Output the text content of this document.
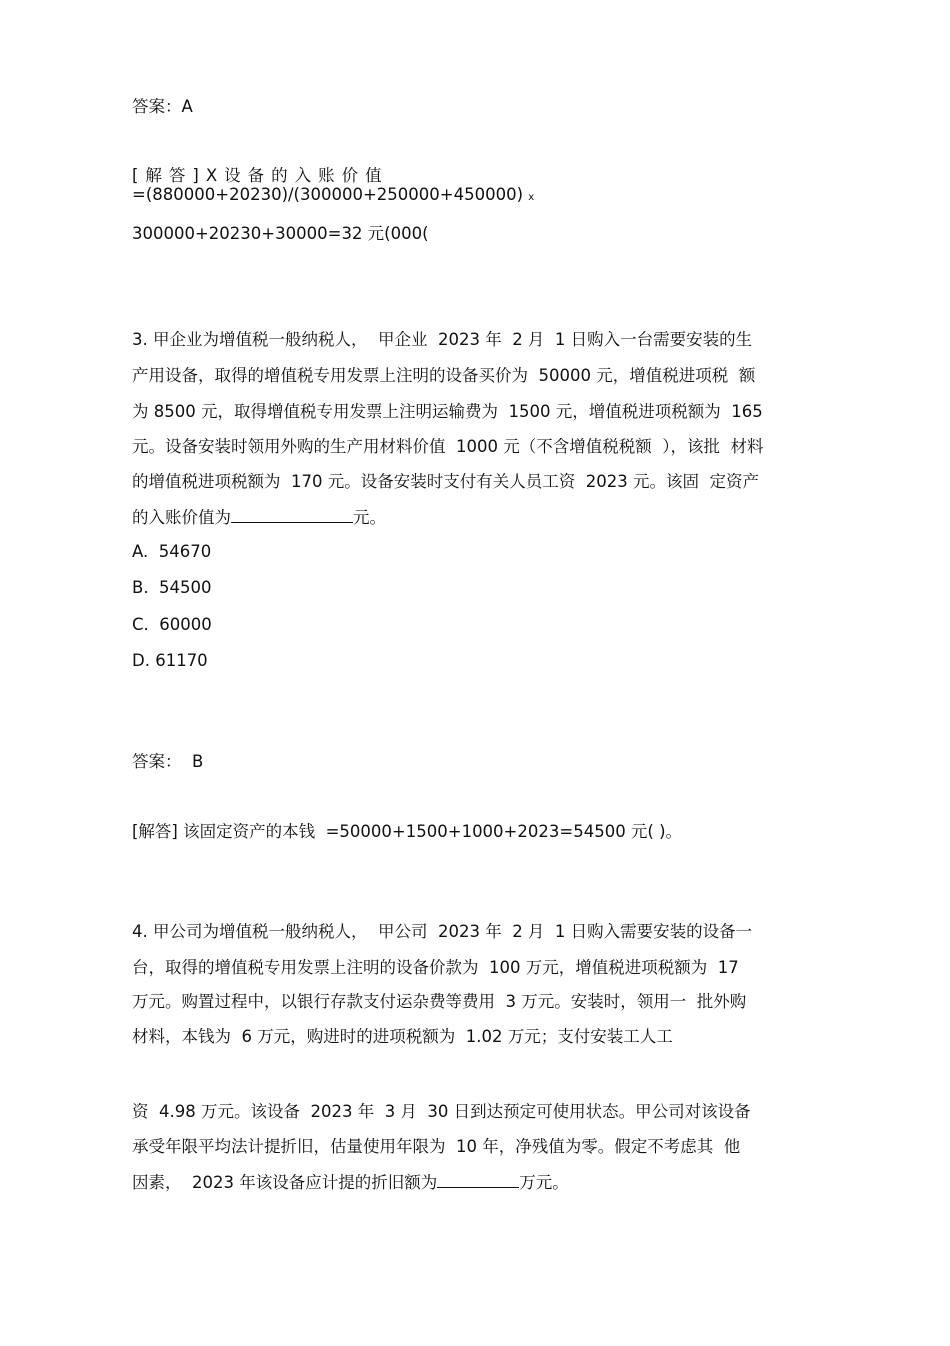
答案：A
[解答]X设备的入账价值
=(880000+20230)/(300000+250000+450000) x
300000+20230+30000=32 元(000(
3. 甲企业为增值税一般纳税人，  甲企业  2023 年  2 月  1 日购入一台需要安装的生
产用设备，取得的增值税专用发票上注明的设备买价为  50000 元，增值税进项税  额
为 8500 元，取得增值税专用发票上注明运输费为  1500 元，增值税进项税额为  165
元。设备安装时领用外购的生产用材料价值  1000 元（不含增值税税额  ），该批  材料
的增值税进项税额为  170 元。设备安装时支付有关人员工资  2023 元。该固  定资产
的入账价值为	元。
A.  54670
B.  54500
C.  60000
D. 61170
答案：  B
[解答] 该固定资产的本钱  =50000+1500+1000+2023=54500 元( )。
4. 甲公司为增值税一般纳税人，  甲公司  2023 年  2 月  1 日购入需要安装的设备一
台，取得的增值税专用发票上注明的设备价款为  100 万元，增值税进项税额为  17
万元。购置过程中，以银行存款支付运杂费等费用  3 万元。安装时，领用一  批外购
材料，本钱为  6 万元，购进时的进项税额为  1.02 万元；支付安装工人工
资  4.98 万元。该设备  2023 年  3 月  30 日到达预定可使用状态。甲公司对该设备
承受年限平均法计提折旧，估量使用年限为  10 年，净残值为零。假定不考虑其  他
因素，  2023 年该设备应计提的折旧额为	万元。
